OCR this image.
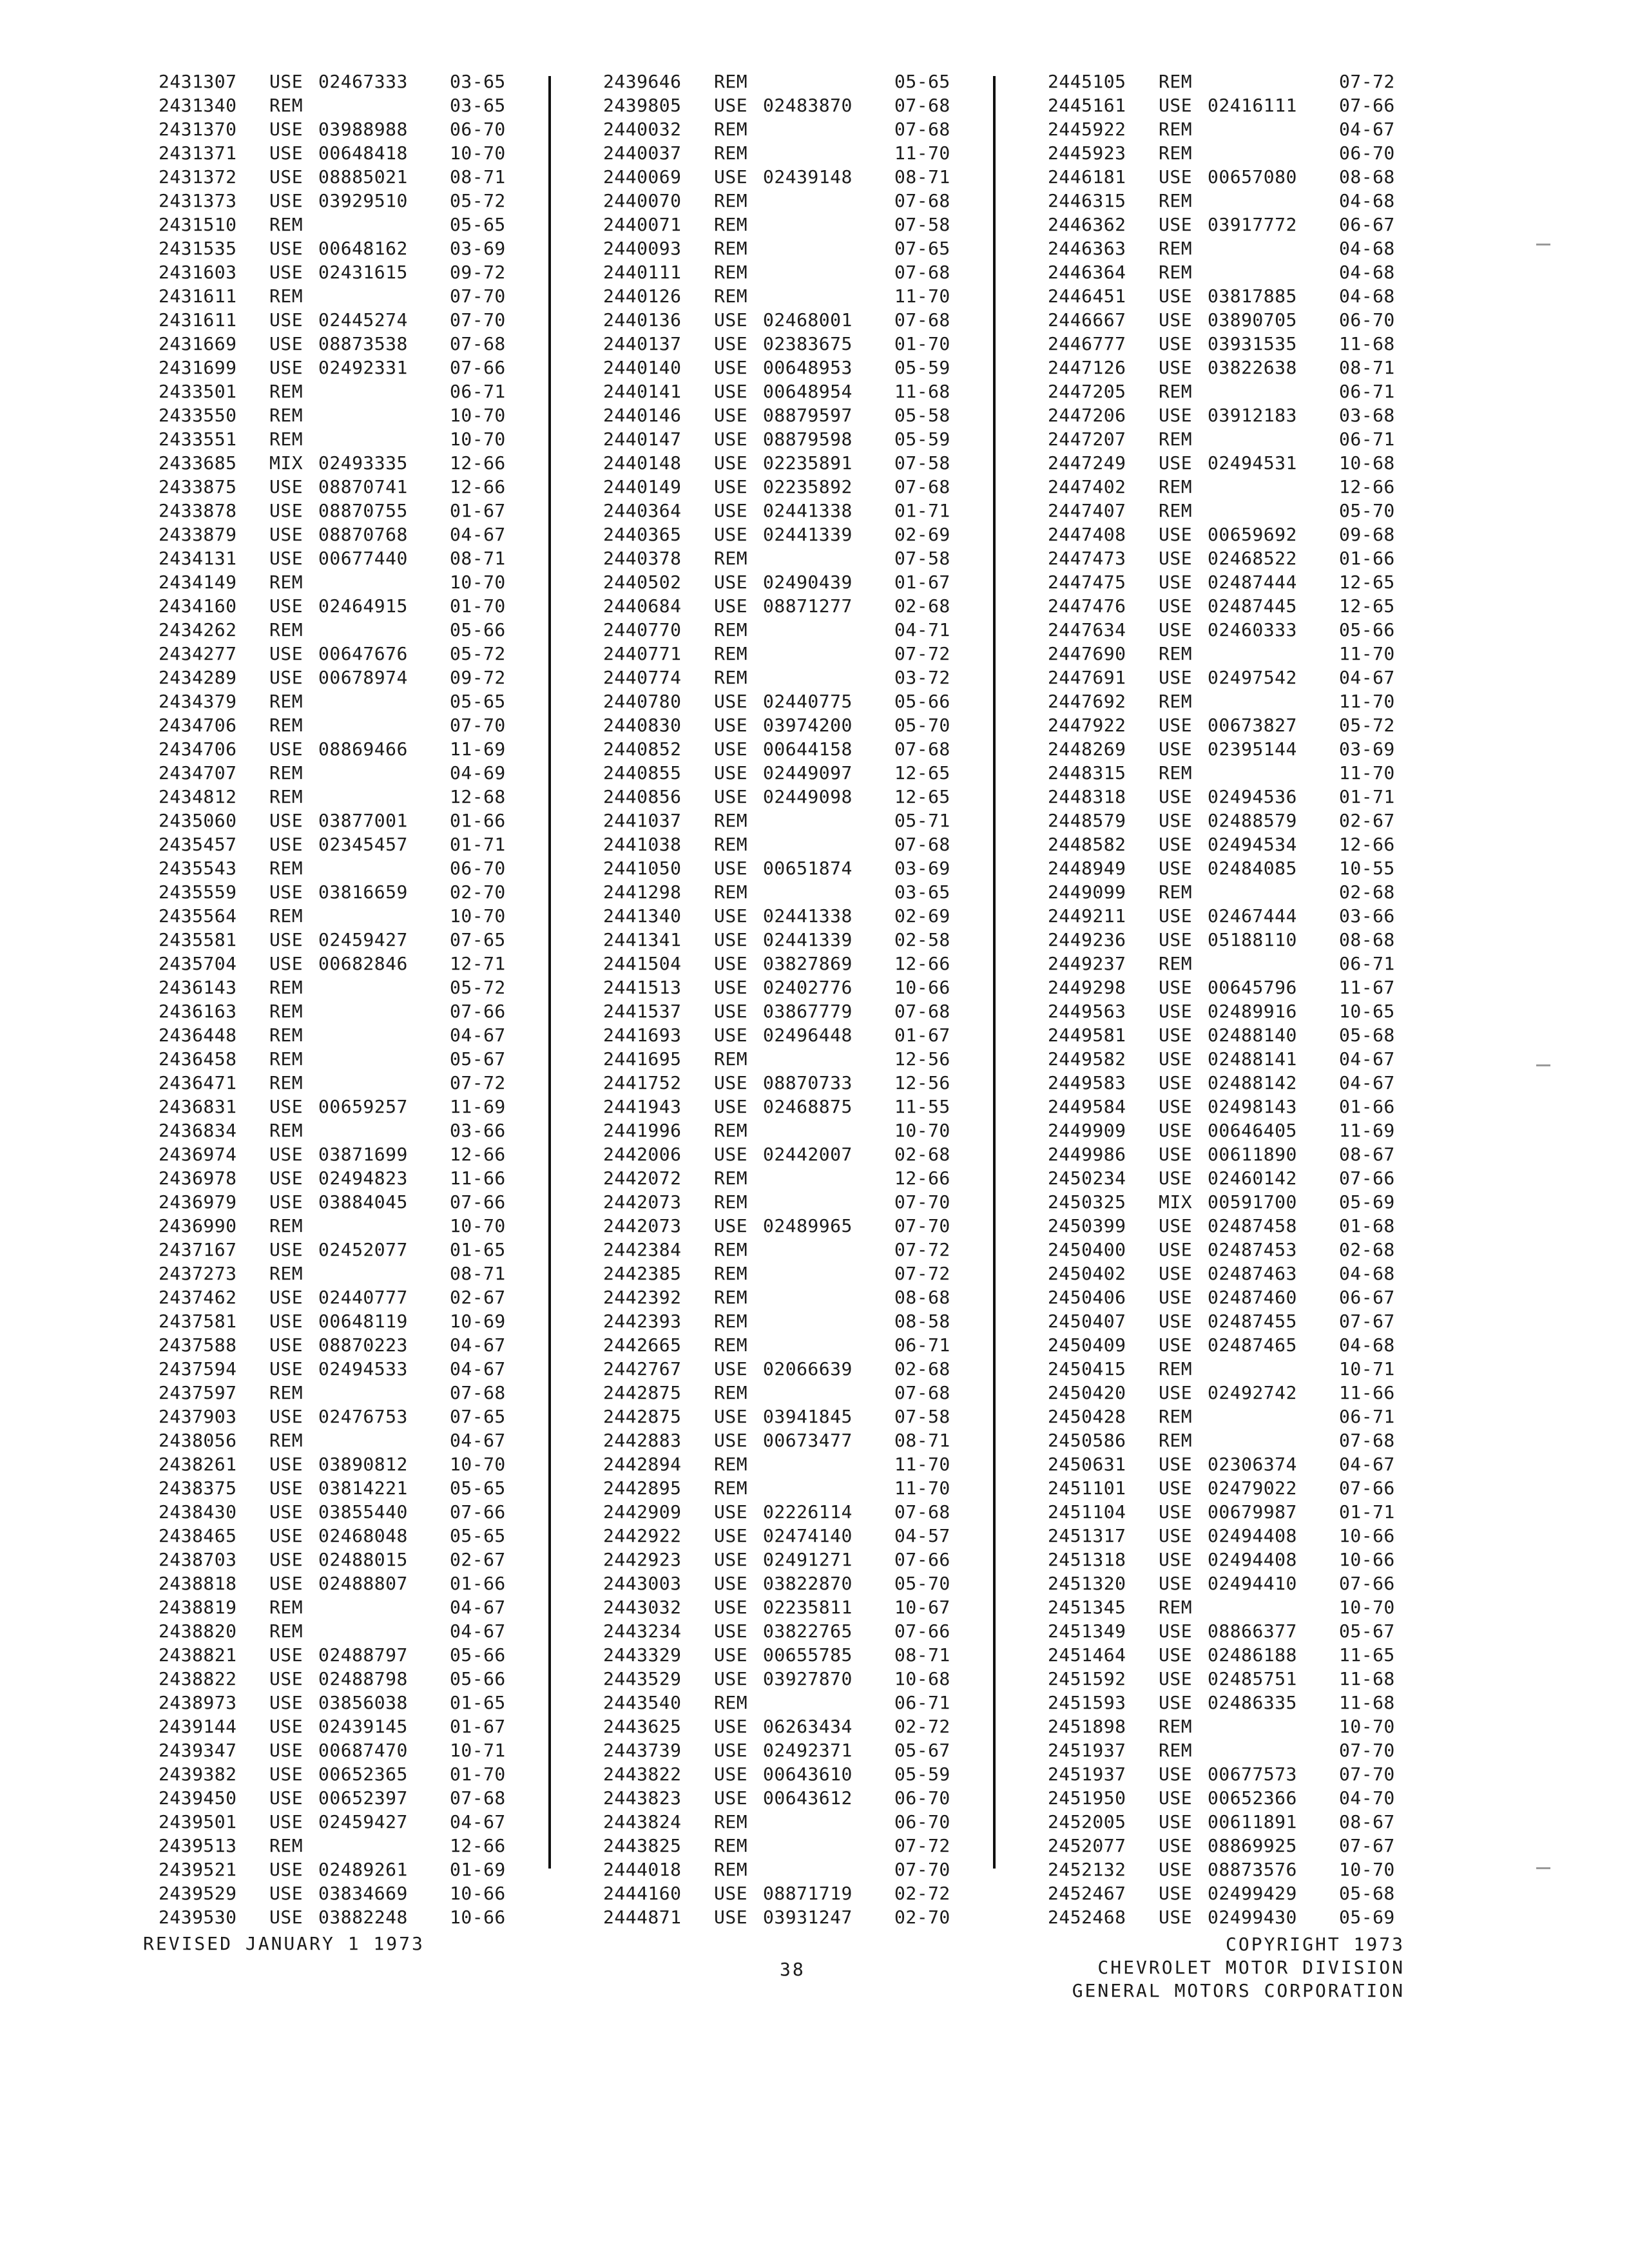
2431307	USE 02467333	03-65
2431340	REM	03-65
2431370	USE 03988988	06-70
2431371	USE 00648418	10-70
2431372	USE 08885021	08-71
2431373	USE 03929510	05-72
2431510	REM	05-65
2431535	USE 00648162	03-69
2431603	USE 02431615	09-72
2431611	REM	07-70
2431611	USE 02445274	07-70
2431669	USE 08873538	07-68
2431699	USE 02492331	07-66
2433501	REM	06-71
2433550	REM	10-70
2433551	REM	10-70
2433685	MIX 02493335	12-66
2433875	USE 08870741	12-66
2433878	USE 08870755	01-67
2433879	USE 08870768	04-67
2434131	USE 00677440	08-71
2434149	REM	10-70
2434160	USE 02464915	01-70
2434262	REM	05-66
2434277	USE 00647676	05-72
2434289	USE 00678974	09-72
2434379	REM	05-65
2434706	REM	07-70
2434706	USE 08869466	11-69
2434707	REM	04-69
2434812	REM	12-68
2435060	USE 03877001	01-66
2435457	USE 02345457	01-71
2435543	REM	06-70
2435559	USE 03816659	02-70
2435564	REM	10-70
2435581	USE 02459427	07-65
2435704	USE 00682846	12-71
2436143	REM	05-72
2436163	REM	07-66
2436448	REM	04-67
2436458	REM	05-67
2436471	REM	07-72
2436831	USE 00659257	11-69
2436834	REM	03-66
2436974	USE 03871699	12-66
2436978	USE 02494823	11-66
2436979	USE 03884045	07-66
2436990	REM	10-70
2437167	USE 02452077	01-65
2437273	REM	08-71
2437462	USE 02440777	02-67
2437581	USE 00648119	10-69
2437588	USE 08870223	04-67
2437594	USE 02494533	04-67
2437597	REM	07-68
2437903	USE 02476753	07-65
2438056	REM	04-67
2438261	USE 03890812	10-70
2438375	USE 03814221	05-65
2438430	USE 03855440	07-66
2438465	USE 02468048	05-65
2438703	USE 02488015	02-67
2438818	USE 02488807	01-66
2438819	REM	04-67
2438820	REM	04-67
2438821	USE 02488797	05-66
2438822	USE 02488798	05-66
2438973	USE 03856038	01-65
2439144	USE 02439145	01-67
2439347	USE 00687470	10-71
2439382	USE 00652365	01-70
2439450	USE 00652397	07-68
2439501	USE 02459427	04-67
2439513	REM	12-66
2439521	USE 02489261	01-69
2439529	USE 03834669	10-66
2439530	USE 03882248	10-66
2439646	REM	05-65
2439805	USE 02483870	07-68
2440032	REM	07-68
2440037	REM	11-70
2440069	USE 02439148	08-71
2440070	REM	07-68
2440071	REM	07-58
2440093	REM	07-65
2440111	REM	07-68
2440126	REM	11-70
2440136	USE 02468001	07-68
2440137	USE 02383675	01-70
2440140	USE 00648953	05-59
2440141	USE 00648954	11-68
2440146	USE 08879597	05-58
2440147	USE 08879598	05-59
2440148	USE 02235891	07-58
2440149	USE 02235892	07-68
2440364	USE 02441338	01-71
2440365	USE 02441339	02-69
2440378	REM	07-58
2440502	USE 02490439	01-67
2440684	USE 08871277	02-68
2440770	REM	04-71
2440771	REM	07-72
2440774	REM	03-72
2440780	USE 02440775	05-66
2440830	USE 03974200	05-70
2440852	USE 00644158	07-68
2440855	USE 02449097	12-65
2440856	USE 02449098	12-65
2441037	REM	05-71
2441038	REM	07-68
2441050	USE 00651874	03-69
2441298	REM	03-65
2441340	USE 02441338	02-69
2441341	USE 02441339	02-58
2441504	USE 03827869	12-66
2441513	USE 02402776	10-66
2441537	USE 03867779	07-68
2441693	USE 02496448	01-67
2441695	REM	12-56
2441752	USE 08870733	12-56
2441943	USE 02468875	11-55
2441996	REM	10-70
2442006	USE 02442007	02-68
2442072	REM	12-66
2442073	REM	07-70
2442073	USE 02489965	07-70
2442384	REM	07-72
2442385	REM	07-72
2442392	REM	08-68
2442393	REM	08-58
2442665	REM	06-71
2442767	USE 02066639	02-68
2442875	REM	07-68
2442875	USE 03941845	07-58
2442883	USE 00673477	08-71
2442894	REM	11-70
2442895	REM	11-70
2442909	USE 02226114	07-68
2442922	USE 02474140	04-57
2442923	USE 02491271	07-66
2443003	USE 03822870	05-70
2443032	USE 02235811	10-67
2443234	USE 03822765	07-66
2443329	USE 00655785	08-71
2443529	USE 03927870	10-68
2443540	REM	06-71
2443625	USE 06263434	02-72
2443739	USE 02492371	05-67
2443822	USE 00643610	05-59
2443823	USE 00643612	06-70
2443824	REM	06-70
2443825	REM	07-72
2444018	REM	07-70
2444160	USE 08871719	02-72
2444871	USE 03931247	02-70
2445105	REM	07-72
2445161	USE 02416111	07-66
2445922	REM	04-67
2445923	REM	06-70
2446181	USE 00657080	08-68
2446315	REM	04-68
2446362	USE 03917772	06-67
2446363	REM	04-68
2446364	REM	04-68
2446451	USE 03817885	04-68
2446667	USE 03890705	06-70
2446777	USE 03931535	11-68
2447126	USE 03822638	08-71
2447205	REM	06-71
2447206	USE 03912183	03-68
2447207	REM	06-71
2447249	USE 02494531	10-68
2447402	REM	12-66
2447407	REM	05-70
2447408	USE 00659692	09-68
2447473	USE 02468522	01-66
2447475	USE 02487444	12-65
2447476	USE 02487445	12-65
2447634	USE 02460333	05-66
2447690	REM	11-70
2447691	USE 02497542	04-67
2447692	REM	11-70
2447922	USE 00673827	05-72
2448269	USE 02395144	03-69
2448315	REM	11-70
2448318	USE 02494536	01-71
2448579	USE 02488579	02-67
2448582	USE 02494534	12-66
2448949	USE 02484085	10-55
2449099	REM	02-68
2449211	USE 02467444	03-66
2449236	USE 05188110	08-68
2449237	REM	06-71
2449298	USE 00645796	11-67
2449563	USE 02489916	10-65
2449581	USE 02488140	05-68
2449582	USE 02488141	04-67
2449583	USE 02488142	04-67
2449584	USE 02498143	01-66
2449909	USE 00646405	11-69
2449986	USE 00611890	08-67
2450234	USE 02460142	07-66
2450325	MIX 00591700	05-69
2450399	USE 02487458	01-68
2450400	USE 02487453	02-68
2450402	USE 02487463	04-68
2450406	USE 02487460	06-67
2450407	USE 02487455	07-67
2450409	USE 02487465	04-68
2450415	REM	10-71
2450420	USE 02492742	11-66
2450428	REM	06-71
2450586	REM	07-68
2450631	USE 02306374	04-67
2451101	USE 02479022	07-66
2451104	USE 00679987	01-71
2451317	USE 02494408	10-66
2451318	USE 02494408	10-66
2451320	USE 02494410	07-66
2451345	REM	10-70
2451349	USE 08866377	05-67
2451464	USE 02486188	11-65
2451592	USE 02485751	11-68
2451593	USE 02486335	11-68
2451898	REM	10-70
2451937	REM	07-70
2451937	USE 00677573	07-70
2451950	USE 00652366	04-70
2452005	USE 00611891	08-67
2452077	USE 08869925	07-67
2452132	USE 08873576	10-70
2452467	USE 02499429	05-68
2452468	USE 02499430	05-69
REVISED JANUARY 1 1973
38
COPYRIGHT 1973
CHEVROLET MOTOR DIVISION
GENERAL MOTORS CORPORATION
